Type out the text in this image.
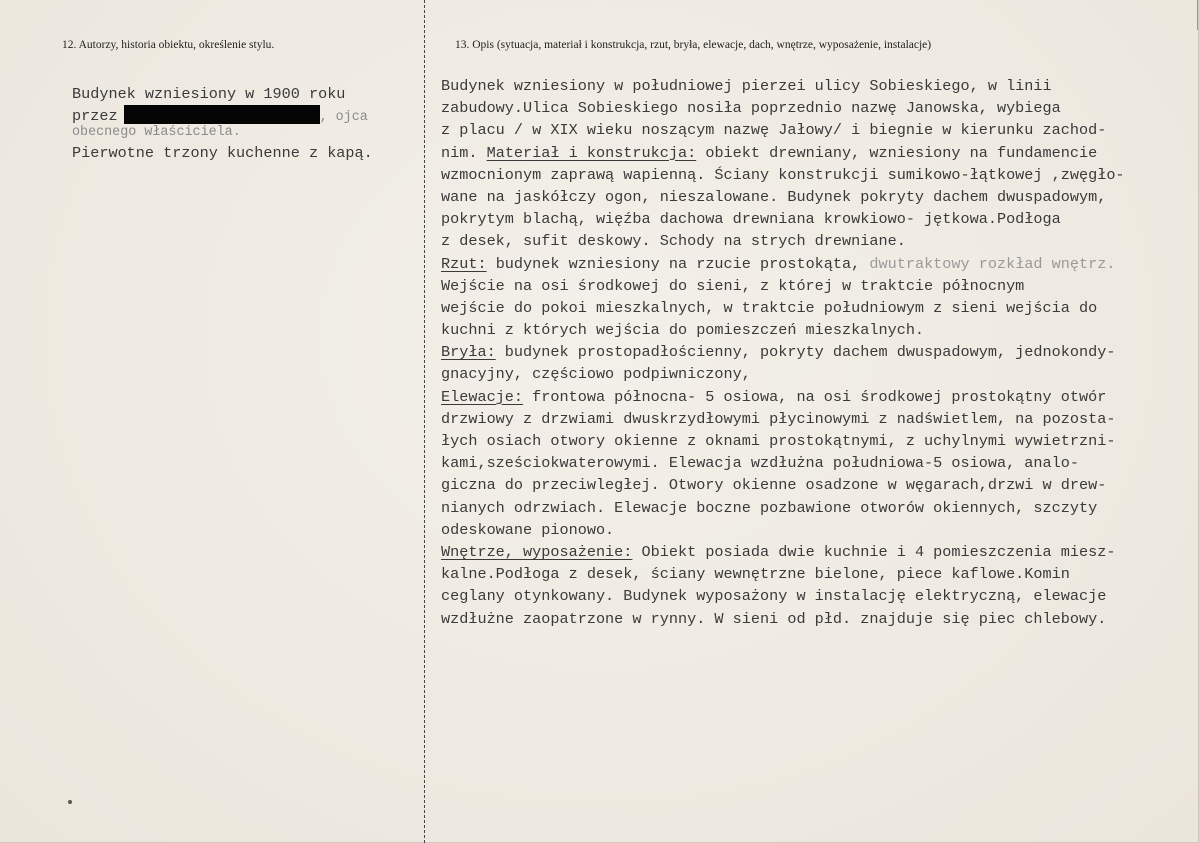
12. Autorzy, historia obiektu, określenie stylu.	13. Opis (sytuacja, materiał i konstrukcja, rzut, bryła, elewacje, dach, wnętrze, wyposażenie, instalacje)
Budynek wzniesiony w 1900 roku
przez	, ojca
obecnego właściciela.
Pierwotne trzony kuchenne z kapą.
Budynek wzniesiony w południowej pierzei ulicy Sobieskiego, w linii
zabudowy.Ulica Sobieskiego nosiła poprzednio nazwę Janowska, wybiega
z placu / w XIX wieku noszącym nazwę Jałowy/ i biegnie w kierunku zachod-
nim. Materiał i konstrukcja: obiekt drewniany, wzniesiony na fundamencie
wzmocnionym zaprawą wapienną. Ściany konstrukcji sumikowo-łątkowej ,zwęgło-
wane na jaskółczy ogon, nieszalowane. Budynek pokryty dachem dwuspadowym,
pokrytym blachą, więźba dachowa drewniana krowkiowo- jętkowa.Podłoga
z desek, sufit deskowy. Schody na strych drewniane.
Rzut: budynek wzniesiony na rzucie prostokąta, dwutraktowy rozkład wnętrz.
Wejście na osi środkowej do sieni, z której w traktcie północnym
wejście do pokoi mieszkalnych, w traktcie południowym z sieni wejścia do
kuchni z których wejścia do pomieszczeń mieszkalnych.
Bryła: budynek prostopadłościenny, pokryty dachem dwuspadowym, jednokondy-
gnacyjny, częściowo podpiwniczony,
Elewacje: frontowa północna- 5 osiowa, na osi środkowej prostokątny otwór
drzwiowy z drzwiami dwuskrzydłowymi płycinowymi z nadświetlem, na pozosta-
łych osiach otwory okienne z oknami prostokątnymi, z uchylnymi wywietrzni-
kami,sześciokwaterowymi. Elewacja wzdłużna południowa-5 osiowa, analo-
giczna do przeciwległej. Otwory okienne osadzone w węgarach,drzwi w drew-
nianych odrzwiach. Elewacje boczne pozbawione otworów okiennych, szczyty
odeskowane pionowo.
Wnętrze, wyposażenie: Obiekt posiada dwie kuchnie i 4 pomieszczenia miesz-
kalne.Podłoga z desek, ściany wewnętrzne bielone, piece kaflowe.Komin
ceglany otynkowany. Budynek wyposażony w instalację elektryczną, elewacje
wzdłużne zaopatrzone w rynny. W sieni od płd. znajduje się piec chlebowy.
